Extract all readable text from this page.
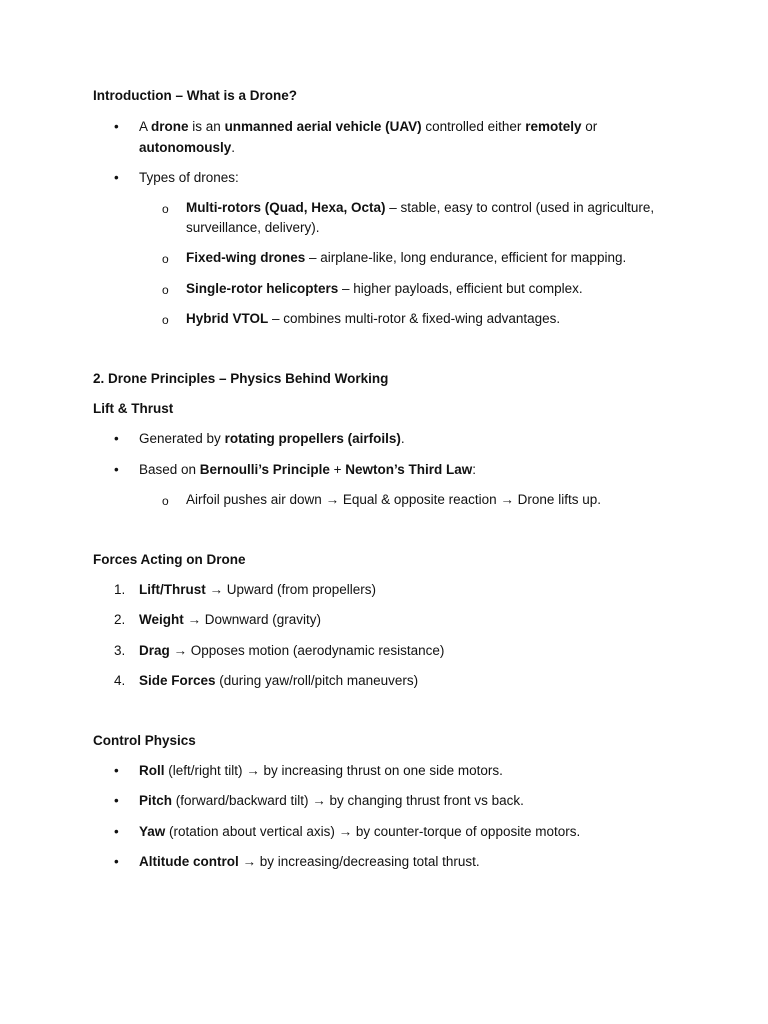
Introduction – What is a Drone?
• A drone is an unmanned aerial vehicle (UAV) controlled either remotely or
autonomously.
• Types of drones:
o Multi-rotors (Quad, Hexa, Octa) – stable, easy to control (used in agriculture,
surveillance, delivery).
o Fixed-wing drones – airplane-like, long endurance, efficient for mapping.
o Single-rotor helicopters – higher payloads, efficient but complex.
o Hybrid VTOL – combines multi-rotor & fixed-wing advantages.
2. Drone Principles – Physics Behind Working
Lift & Thrust
• Generated by rotating propellers (airfoils).
• Based on Bernoulli’s Principle + Newton’s Third Law:
o Airfoil pushes air down → Equal & opposite reaction → Drone lifts up.
Forces Acting on Drone
1. Lift/Thrust → Upward (from propellers)
2. Weight → Downward (gravity)
3. Drag → Opposes motion (aerodynamic resistance)
4. Side Forces (during yaw/roll/pitch maneuvers)
Control Physics
• Roll (left/right tilt) → by increasing thrust on one side motors.
• Pitch (forward/backward tilt) → by changing thrust front vs back.
• Yaw (rotation about vertical axis) → by counter-torque of opposite motors.
• Altitude control → by increasing/decreasing total thrust.
